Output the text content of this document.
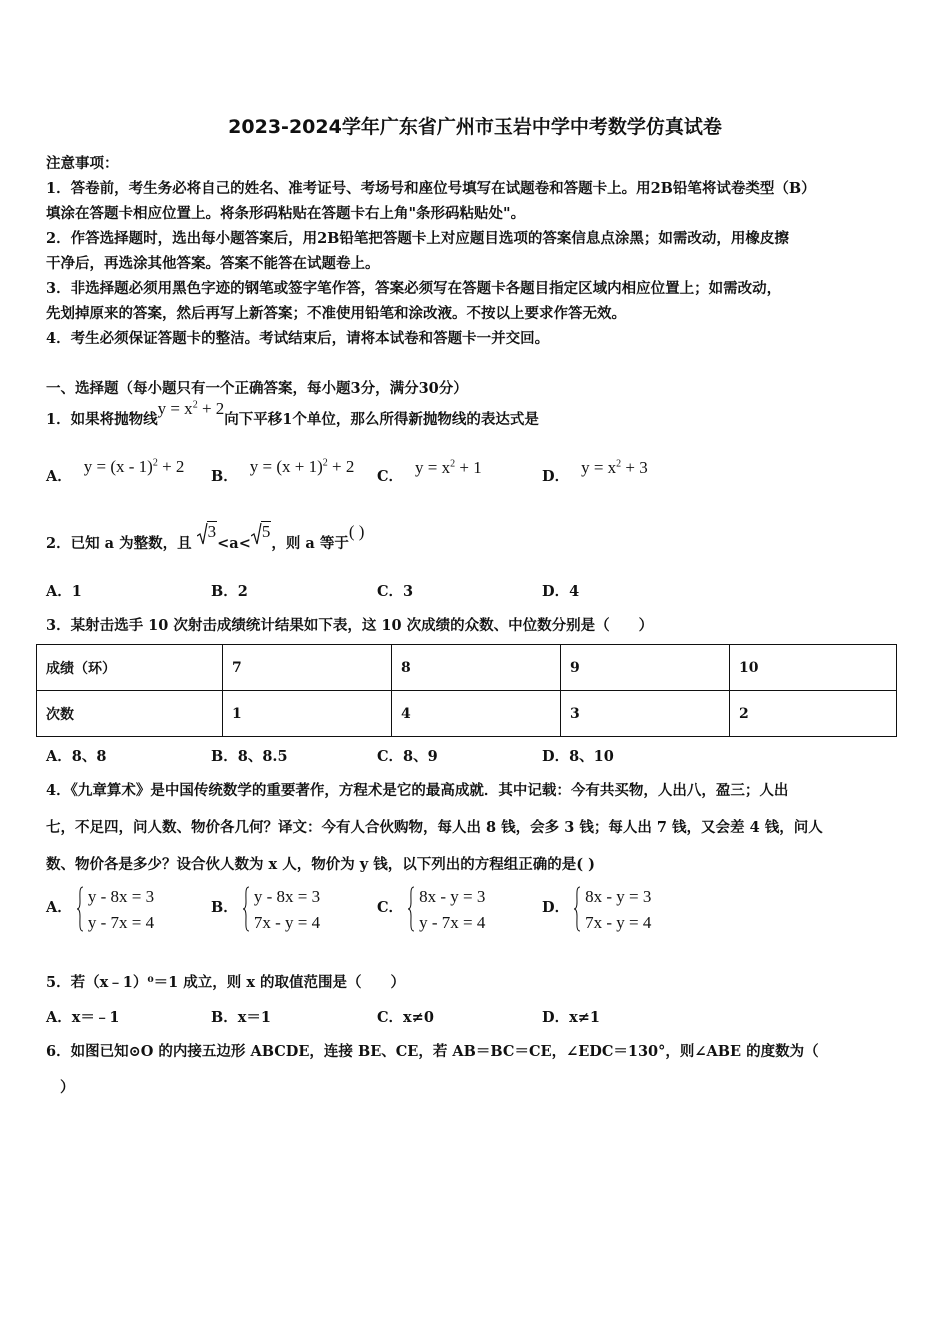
2023-2024学年广东省广州市玉岩中学中考数学仿真试卷
注意事项：
1．答卷前，考生务必将自己的姓名、准考证号、考场号和座位号填写在试题卷和答题卡上。用2B铅笔将试卷类型（B）
填涂在答题卡相应位置上。将条形码粘贴在答题卡右上角"条形码粘贴处"。
2．作答选择题时，选出每小题答案后，用2B铅笔把答题卡上对应题目选项的答案信息点涂黑；如需改动，用橡皮擦
干净后，再选涂其他答案。答案不能答在试题卷上。
3．非选择题必须用黑色字迹的钢笔或签字笔作答，答案必须写在答题卡各题目指定区域内相应位置上；如需改动，
先划掉原来的答案，然后再写上新答案；不准使用铅笔和涂改液。不按以上要求作答无效。
4．考生必须保证答题卡的整洁。考试结束后，请将本试卷和答题卡一并交回。
一、选择题（每小题只有一个正确答案，每小题3分，满分30分）
1．如果将抛物线$y = x^2 + 2$向下平移1个单位，那么所得新抛物线的表达式是
A．y = (x - 1)$^2$ + 2
B．$y = (x + 1)^2 + 2$
C． $y = x^2 + 1$	D． $y = x^2 + 3$
2．已知 a 为整数，且
3<a<
5，则 a 等于( )
A．1	B．2	C．3	D．4
3．某射击选手 10 次射击成绩统计结果如下表，这 10 次成绩的众数、中位数分别是（　　）
成绩（环）	7	8	9	10
次数	1	4	3	2
A．8、8	B．8、8.5	C．8、9	D．8、10
4．《九章算术》是中国传统数学的重要著作，方程术是它的最高成就．其中记载：今有共买物，人出八，盈三；人出
七，不足四，问人数、物价各几何？译文：今有人合伙购物，每人出 8 钱，会多 3 钱；每人出 7 钱，又会差 4 钱，问人
数、物价各是多少？设合伙人数为 x 人，物价为 y 钱，以下列出的方程组正确的是( )
A．
y - 8x = 3
y - 7x = 4
B．
y - 8x = 3
7x - y = 4
C．
8x - y = 3
y - 7x = 4
D．
8x - y = 3
7x - y = 4
5．若（x﹣1）⁰＝1 成立，则 x 的取值范围是（　　）
A．x＝﹣1	B．x＝1	C．x≠0	D．x≠1
6．如图已知⊙O 的内接五边形 ABCDE，连接 BE、CE，若 AB＝BC＝CE，∠EDC＝130°，则∠ABE 的度数为（
）
